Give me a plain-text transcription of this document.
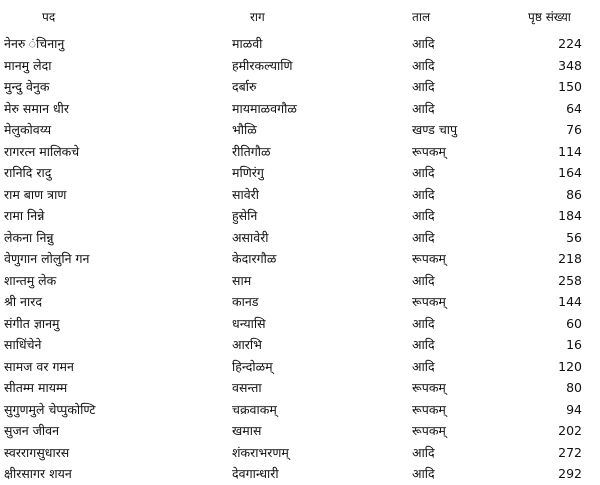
पद	राग	ताल	पृष्ठ संख्या
नेनरु ंचिनानु	माळवी	आदि	224
मानमु लेदा	हमीरकल्याणि	आदि	348
मुन्दु वेनुक	दर्बारु	आदि	150
मेरु समान धीर	मायमाळवगौळ	आदि	64
मेलुकोवय्य	भौळि	खण्ड चापु	76
रागरत्न मालिकचे	रीतिगौळ	रूपकम्	114
रानिदि रादु	मणिरंगु	आदि	164
राम बाण त्राण	सावेरी	आदि	86
रामा निन्ने	हुसेनि	आदि	184
लेकना निन्नु	असावेरी	आदि	56
वेणुगान लोलुनि गन	केदारगौळ	रूपकम्	218
शान्तमु लेक	साम	आदि	258
श्री नारद	कानड	रूपकम्	144
संगीत ज्ञानमु	धन्यासि	आदि	60
साधिंचेने	आरभि	आदि	16
सामज वर गमन	हिन्दोळम्	आदि	120
सीतम्म मायम्म	वसन्ता	रूपकम्	80
सुगुणमुले चेप्पुकोण्टि	चक्रवाकम्	रूपकम्	94
सुजन जीवन	खमास	रूपकम्	202
स्वररागसुधारस	शंकराभरणम्	आदि	272
क्षीरसागर शयन	देवगान्धारी	आदि	292
